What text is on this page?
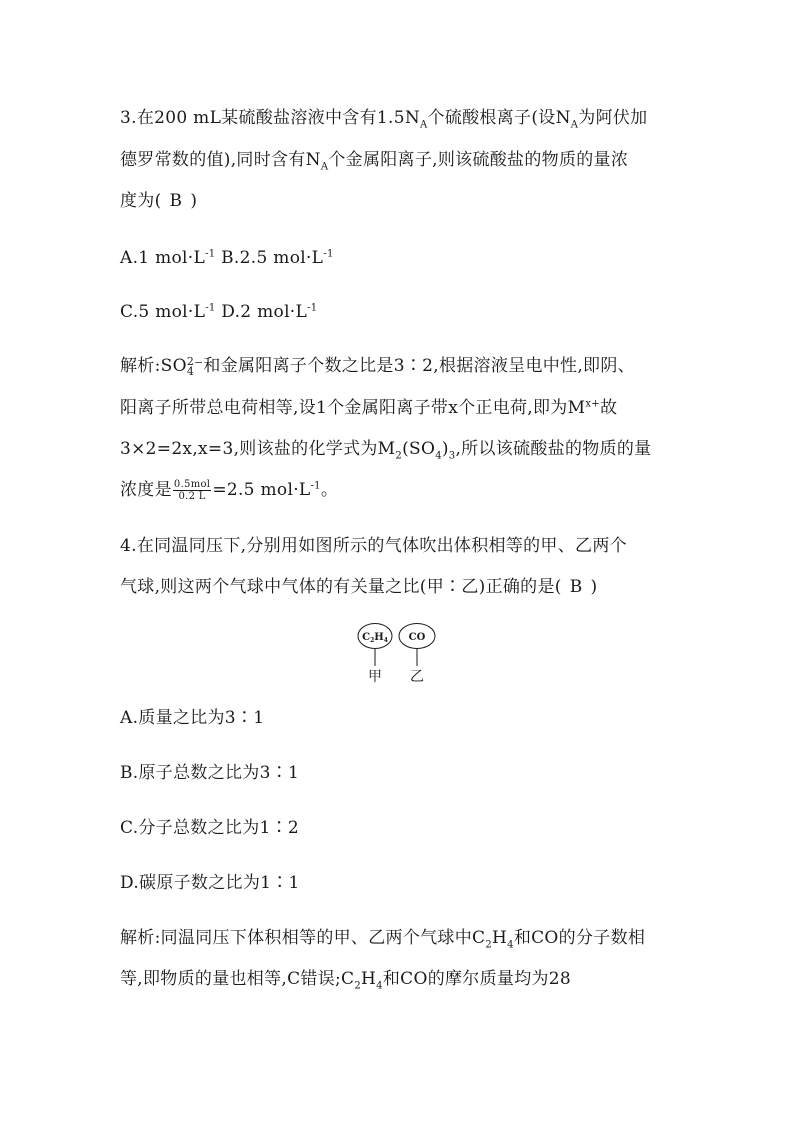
3.在200 mL某硫酸盐溶液中含有$1.5N_A$个硫酸根离子(设$N_A$为阿伏加
德罗常数的值),同时含有$N_A$个金属阳离子,则该硫酸盐的物质的量浓
度为( B )
A.1 $mol\cdot L^{-1}$ B.2.5 $mol\cdot L^{-1}$
C.5 $mol\cdot L^{-1}$ D.2 $mol\cdot L^{-1}$
解析:SO 2
4 ⁻和金属阳离子个数之比是3∶2,根据溶液呈电中性,即阴、
阳离子所带总电荷相等,设1个金属阳离子带x个正电荷,即为$M^{x+}$故
3×2=2x,x=3,则该盐的化学式为$M_2(SO_4)_3$,所以该硫酸盐的物质的量
浓度是 $\frac{\text{0.5mol}}{0.2 L} =2.5$ $mol\cdot L^{-1}$。
4.在同温同压下,分别用如图所示的气体吹出体积相等的甲、乙两个
气球,则这两个气球中气体的有关量之比(甲∶乙)正确的是( B )
$C_2H_4$ CO
甲 乙
A.质量之比为3∶1
B.原子总数之比为3∶1
C.分子总数之比为1∶2
D.碳原子数之比为1∶1
解析:同温同压下体积相等的甲、乙两个气球中$C_2H_4$和CO的分子数相
等,即物质的量也相等,C错误$;C_2H_4$和CO的摩尔质量均为28
